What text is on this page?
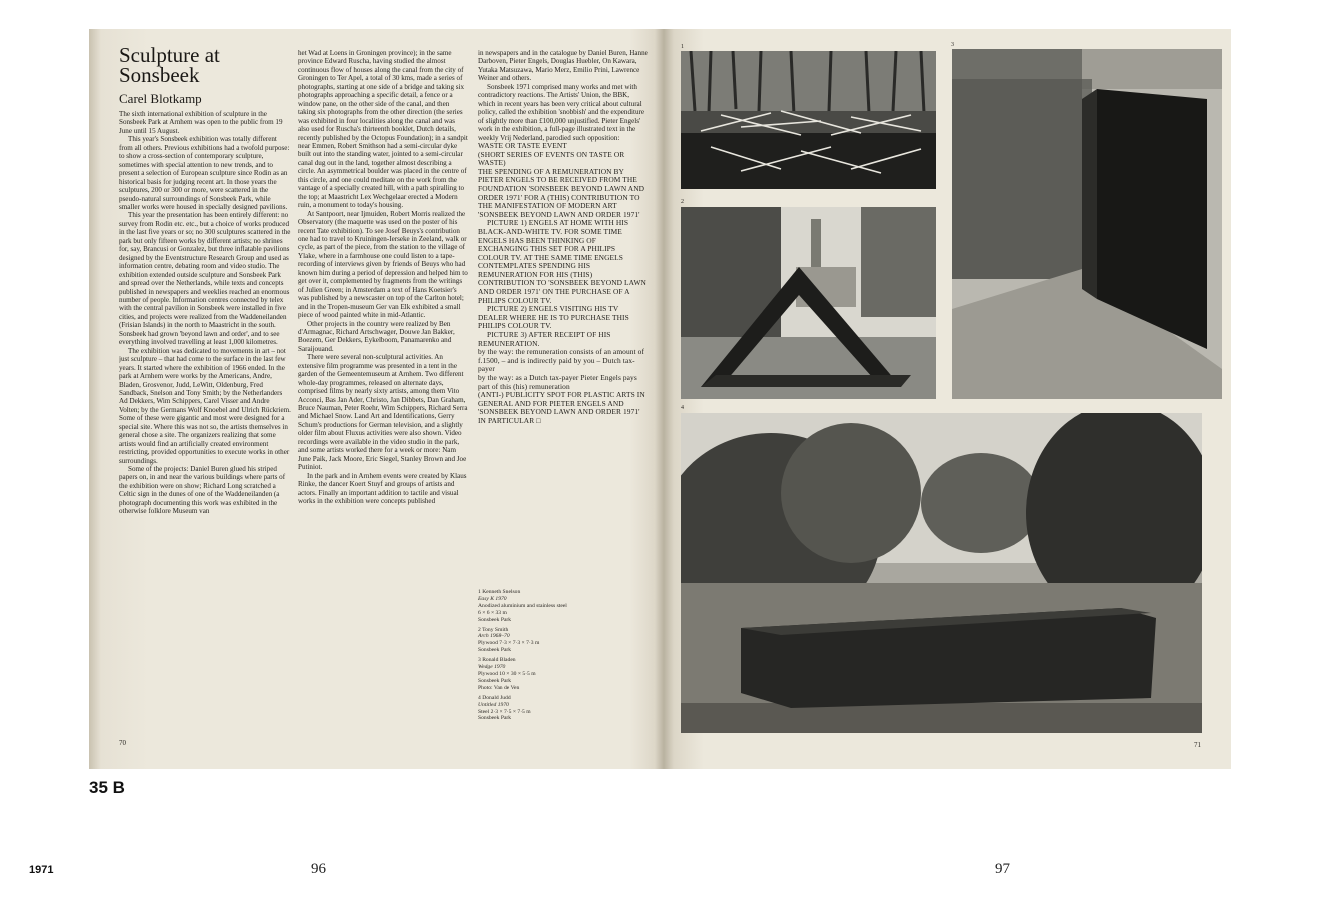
Sculpture at Sonsbeek
Carel Blotkamp

The sixth international exhibition of sculpture in the Sonsbeek Park at Arnhem was open to the public from 19 June until 15 August.

This year's Sonsbeek exhibition was totally different from all others. Previous exhibitions had a twofold purpose: to show a cross-section of contemporary sculpture, sometimes with special attention to new trends, and to present a selection of European sculpture since Rodin as an historical basis for judging recent art. In those years the sculptures, 200 or 300 or more, were scattered in the pseudo-natural surroundings of Sonsbeek Park, while smaller works were housed in specially designed pavilions.

This year the presentation has been entirely different: no survey from Rodin etc. etc., but a choice of works produced in the last five years or so; no 300 sculptures scattered in the park but only fifteen works by different artists; no shrines for, say, Brancusi or Gonzalez, but three inflatable pavilions designed by the Eventstructure Research Group and used as information centre, debating room and video studio. The exhibition extended outside sculpture and Sonsbeek Park and spread over the Netherlands, while texts and concepts published in newspapers and weeklies reached an enormous number of people. Information centres connected by telex with the central pavilion in Sonsbeek were installed in five cities, and projects were realized from the Waddeneilanden (Frisian Islands) in the north to Maastricht in the south. Sonsbeek had grown 'beyond lawn and order', and to see everything involved travelling at least 1,000 kilometres.

The exhibition was dedicated to movements in art – not just sculpture – that had come to the surface in the last few years. It started where the exhibition of 1966 ended. In the park at Arnhem were works by the Americans, Andre, Bladen, Grosvenor, Judd, LeWitt, Oldenburg, Fred Sandback, Snelson and Tony Smith; by the Netherlanders Ad Dekkers, Wim Schippers, Carel Visser and Andre Volten; by the Germans Wolf Knoebel and Ulrich Rückriem. Some of these were gigantic and most were designed for a special site. Where this was not so, the artists themselves in general chose a site. The organizers realizing that some artists would find an artificially created environment restricting, provided opportunities to execute works in other surroundings.

Some of the projects: Daniel Buren glued his striped papers on, in and near the various buildings where parts of the exhibition were on show; Richard Long scratched a Celtic sign in the dunes of one of the Waddeneilanden (a photograph documenting this work was exhibited in the otherwise folklore Museum van

het Wad at Loens in Groningen province); in the same province Edward Ruscha, having studied the almost continuous flow of houses along the canal from the city of Groningen to Ter Apel, a total of 30 kms, made a series of photographs, starting at one side of a bridge and taking six photographs approaching a specific detail, a fence or a window pane, on the other side of the canal, and then taking six photographs from the other direction (the series was exhibited in four localities along the canal and was also used for Ruscha's thirteenth booklet, Dutch details, recently published by the Octopus Foundation); in a sandpit near Emmen, Robert Smithson had a semi-circular dyke built out into the standing water, jointed to a semi-circular canal dug out in the land, together almost describing a circle. An asymmetrical boulder was placed in the centre of this circle, and one could meditate on the work from the vantage of a specially created hill, with a path spiralling to the top; at Maastricht Lex Wechgelaar erected a Modern ruin, a monument to today's housing.

At Santpoort, near Ijmuiden, Robert Morris realized the Observatory (the maquette was used on the poster of his recent Tate exhibition). To see Josef Beuys's contribution one had to travel to Kruiningen-Ierseke in Zeeland, walk or cycle, as part of the piece, from the station to the village of Ylake, where in a farmhouse one could listen to a tape-recording of interviews given by friends of Beuys who had known him during a period of depression and helped him to get over it, complemented by fragments from the writings of Julien Green; in Amsterdam a text of Hans Koetsier's was published by a newscaster on top of the Carlton hotel; and in the Tropen-museum Ger van Elk exhibited a small piece of wood painted white in mid-Atlantic.

Other projects in the country were realized by Ben d'Armagnac, Richard Artschwager, Douwe Jan Bakker, Boezem, Ger Dekkers, Eykelboom, Panamarenko and Saraijouand.

There were several non-sculptural activities. An extensive film programme was presented in a tent in the garden of the Gemeentemuseum at Arnhem. Two different whole-day programmes, released on alternate days, comprised films by nearly sixty artists, among them Vito Acconci, Bas Jan Ader, Christo, Jan Dibbets, Dan Graham, Bruce Nauman, Peter Roehr, Wim Schippers, Richard Serra and Michael Snow. Land Art and Identifications, Gerry Schum's productions for German television, and a slightly older film about Fluxus activities were also shown. Video recordings were available in the video studio in the park, and some artists worked there for a week or more: Nam June Paik, Jack Moore, Eric Siegel, Stanley Brown and Joe Putiniot.

In the park and in Arnhem events were created by Klaus Rinke, the dancer Koert Stuyf and groups of artists and actors. Finally an important addition to tactile and visual works in the exhibition were concepts published

in newspapers and in the catalogue by Daniel Buren, Hanne Darboven, Pieter Engels, Douglas Huebler, On Kawara, Yutaka Matsuzawa, Mario Merz, Emilio Prini, Lawrence Weiner and others.

Sonsbeek 1971 comprised many works and met with contradictory reactions. The Artists' Union, the BBK, which in recent years has been very critical about cultural policy, called the exhibition 'snobbish' and the expenditure of slightly more than £100,000 unjustified. Pieter Engels' work in the exhibition, a full-page illustrated text in the weekly Vrij Nederland, parodied such opposition:

WASTE OR TASTE EVENT

(SHORT SERIES OF EVENTS ON TASTE OR WASTE)

THE SPENDING OF A REMUNERATION BY PIETER ENGELS TO BE RECEIVED FROM THE FOUNDATION 'SONSBEEK BEYOND LAWN AND ORDER 1971' FOR A (THIS) CONTRIBUTION TO THE MANIFESTATION OF MODERN ART 'SONSBEEK BEYOND LAWN AND ORDER 1971'

PICTURE 1) ENGELS AT HOME WITH HIS BLACK-AND-WHITE TV. FOR SOME TIME ENGELS HAS BEEN THINKING OF EXCHANGING THIS SET FOR A PHILIPS COLOUR TV. AT THE SAME TIME ENGELS CONTEMPLATES SPENDING HIS REMUNERATION FOR HIS (THIS) CONTRIBUTION TO 'SONSBEEK BEYOND LAWN AND ORDER 1971' ON THE PURCHASE OF A PHILIPS COLOUR TV.

PICTURE 2) ENGELS VISITING HIS TV DEALER WHERE HE IS TO PURCHASE THIS PHILIPS COLOUR TV.

PICTURE 3) AFTER RECEIPT OF HIS REMUNERATION.

by the way: the remuneration consists of an amount of f.1500, – and is indirectly paid by you – Dutch tax-payer

by the way: as a Dutch tax-payer Pieter Engels pays part of this (his) remuneration

(ANTI-) PUBLICITY SPOT FOR PLASTIC ARTS IN GENERAL AND FOR PIETER ENGELS AND 'SONSBEEK BEYOND LAWN AND ORDER 1971' IN PARTICULAR □

1 Kenneth Snelson
Easy K 1970
Anodized aluminium and stainless steel
6 × 6 × 33 m
Sonsbeek Park
2 Tony Smith
Arch 1968–70
Plywood 7·3 × 7·3 × 7·3 m
Sonsbeek Park
3 Ronald Bladen
Wedge 1970
Plywood 10 × 30 × 5·5 m
Sonsbeek Park
Photo: Van de Ven
4 Donald Judd
Untitled 1970
Steel 2·3 × 7·5 × 7·5 m
Sonsbeek Park
70
1
2
3
4
71
35 B
1971	96	97
